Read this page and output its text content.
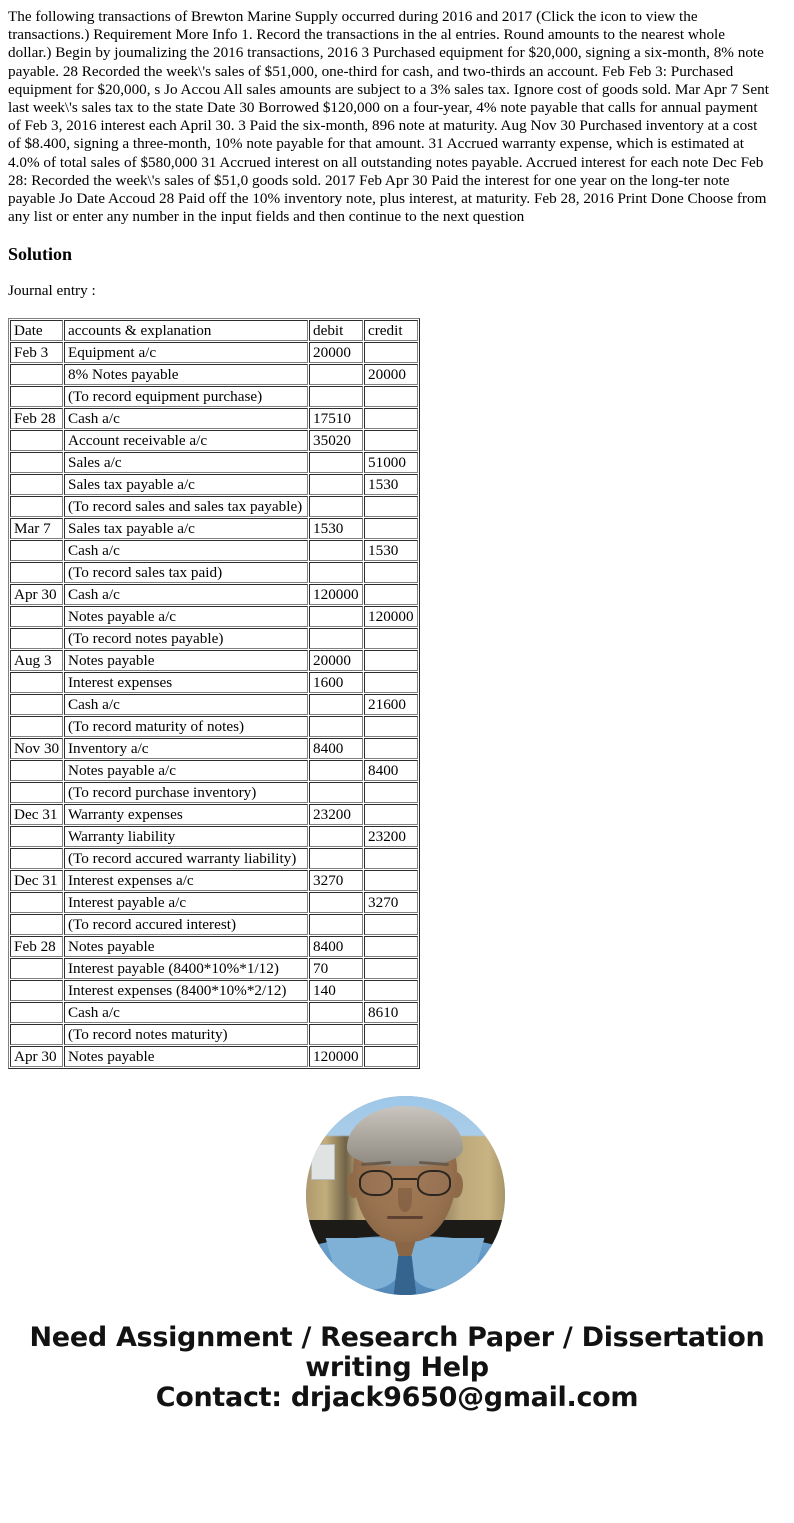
The following transactions of Brewton Marine Supply occurred during 2016 and 2017 (Click the icon to view the transactions.) Requirement More Info 1. Record the transactions in the al entries. Round amounts to the nearest whole dollar.) Begin by joumalizing the 2016 transactions, 2016 3 Purchased equipment for $20,000, signing a six-month, 8% note payable. 28 Recorded the week\'s sales of $51,000, one-third for cash, and two-thirds an account. Feb Feb 3: Purchased equipment for $20,000, s Jo Accou All sales amounts are subject to a 3% sales tax. Ignore cost of goods sold. Mar Apr 7 Sent last week\'s sales tax to the state Date 30 Borrowed $120,000 on a four-year, 4% note payable that calls for annual payment of Feb 3, 2016 interest each April 30. 3 Paid the six-month, 896 note at maturity. Aug Nov 30 Purchased inventory at a cost of $8.400, signing a three-month, 10% note payable for that amount. 31 Accrued warranty expense, which is estimated at 4.0% of total sales of $580,000 31 Accrued interest on all outstanding notes payable. Accrued interest for each note Dec Feb 28: Recorded the week\'s sales of $51,0 goods sold. 2017 Feb Apr 30 Paid the interest for one year on the long-ter note payable Jo Date Accoud 28 Paid off the 10% inventory note, plus interest, at maturity. Feb 28, 2016 Print Done Choose from any list or enter any number in the input fields and then continue to the next question

Solution

Journal entry :

Date	accounts & explanation	debit	credit
Feb 3	Equipment a/c	20000	
	8% Notes payable		20000
	(To record equipment purchase)		
Feb 28	Cash a/c	17510	
	Account receivable a/c	35020	
	Sales a/c		51000
	Sales tax payable a/c		1530
	(To record sales and sales tax payable)		
Mar 7	Sales tax payable a/c	1530	
	Cash a/c		1530
	(To record sales tax paid)		
Apr 30	Cash a/c	120000	
	Notes payable a/c		120000
	(To record notes payable)		
Aug 3	Notes payable	20000	
	Interest expenses	1600	
	Cash a/c		21600
	(To record maturity of notes)		
Nov 30	Inventory a/c	8400	
	Notes payable a/c		8400
	(To record purchase inventory)		
Dec 31	Warranty expenses	23200	
	Warranty liability		23200
	(To record accured warranty liability)		
Dec 31	Interest expenses a/c	3270	
	Interest payable a/c		3270
	(To record accured interest)		
Feb 28	Notes payable	8400	
	Interest payable (8400*10%*1/12)	70	
	Interest expenses (8400*10%*2/12)	140	
	Cash a/c		8610
	(To record notes maturity)		
Apr 30	Notes payable	120000	
Need Assignment / Research Paper / Dissertation writing Help
Contact: drjack9650@gmail.com
